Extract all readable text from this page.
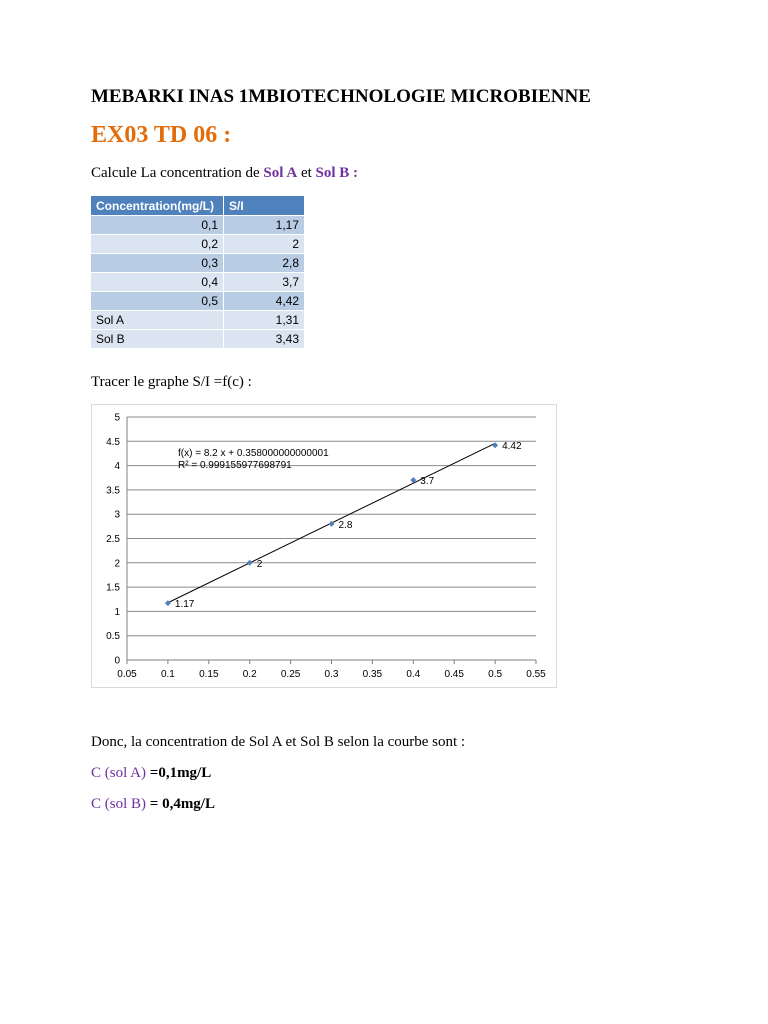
MEBARKI INAS 1MBIOTECHNOLOGIE MICROBIENNE
EX03 TD 06 :
Calcule La concentration de Sol A et Sol B :
Concentration(mg/L)	S/I
0,1	1,17
0,2	2
0,3	2,8
0,4	3,7
0,5	4,42
Sol A	1,31
Sol B	3,43
Tracer le graphe S/I =f(c) :
0
0.5
1
1.5
2
2.5
3
3.5
4
4.5
5
0.05 0.1 0.15 0.2 0.25 0.3 0.35 0.4 0.45 0.5 0.55
1.17
2
2.8
3.7
4.42
f(x) = 8.2 x + 0.358000000000001
R² = 0.999155977698791
Donc, la concentration de Sol A et Sol B selon la courbe sont :
C (sol A) =0,1mg/L
C (sol B) = 0,4mg/L
